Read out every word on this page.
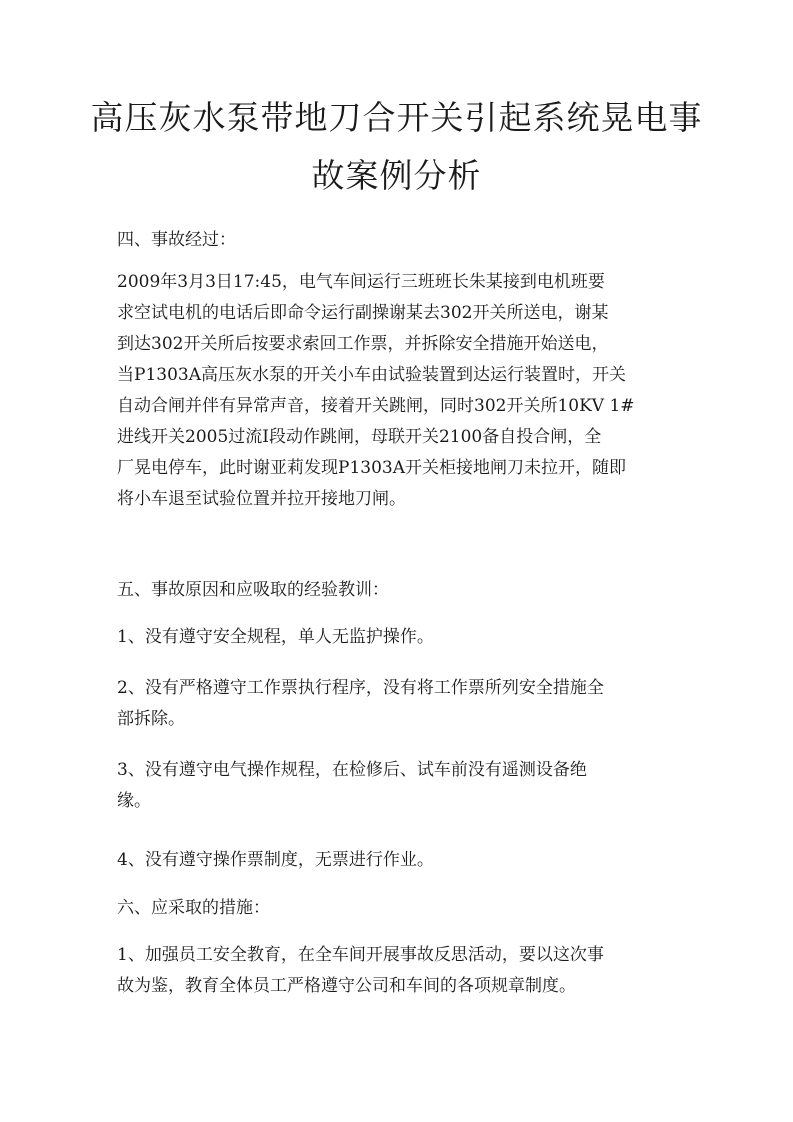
高压灰水泵带地刀合开关引起系统晃电事
故案例分析

四、事故经过：

2009年3月3日17:45，电气车间运行三班班长朱某接到电机班要
求空试电机的电话后即命令运行副操谢某去302开关所送电，谢某
到达302开关所后按要求索回工作票，并拆除安全措施开始送电，
当P1303A高压灰水泵的开关小车由试验装置到达运行装置时，开关
自动合闸并伴有异常声音，接着开关跳闸，同时302开关所10KV 1#
进线开关2005过流Ⅰ段动作跳闸，母联开关2100备自投合闸，全
厂晃电停车，此时谢亚莉发现P1303A开关柜接地闸刀未拉开，随即
将小车退至试验位置并拉开接地刀闸。

五、事故原因和应吸取的经验教训：

1、没有遵守安全规程，单人无监护操作。
2、没有严格遵守工作票执行程序，没有将工作票所列安全措施全
部拆除。
3、没有遵守电气操作规程，在检修后、试车前没有遥测设备绝
缘。
4、没有遵守操作票制度，无票进行作业。

六、应采取的措施：

1、加强员工安全教育，在全车间开展事故反思活动，要以这次事
故为鉴，教育全体员工严格遵守公司和车间的各项规章制度。
